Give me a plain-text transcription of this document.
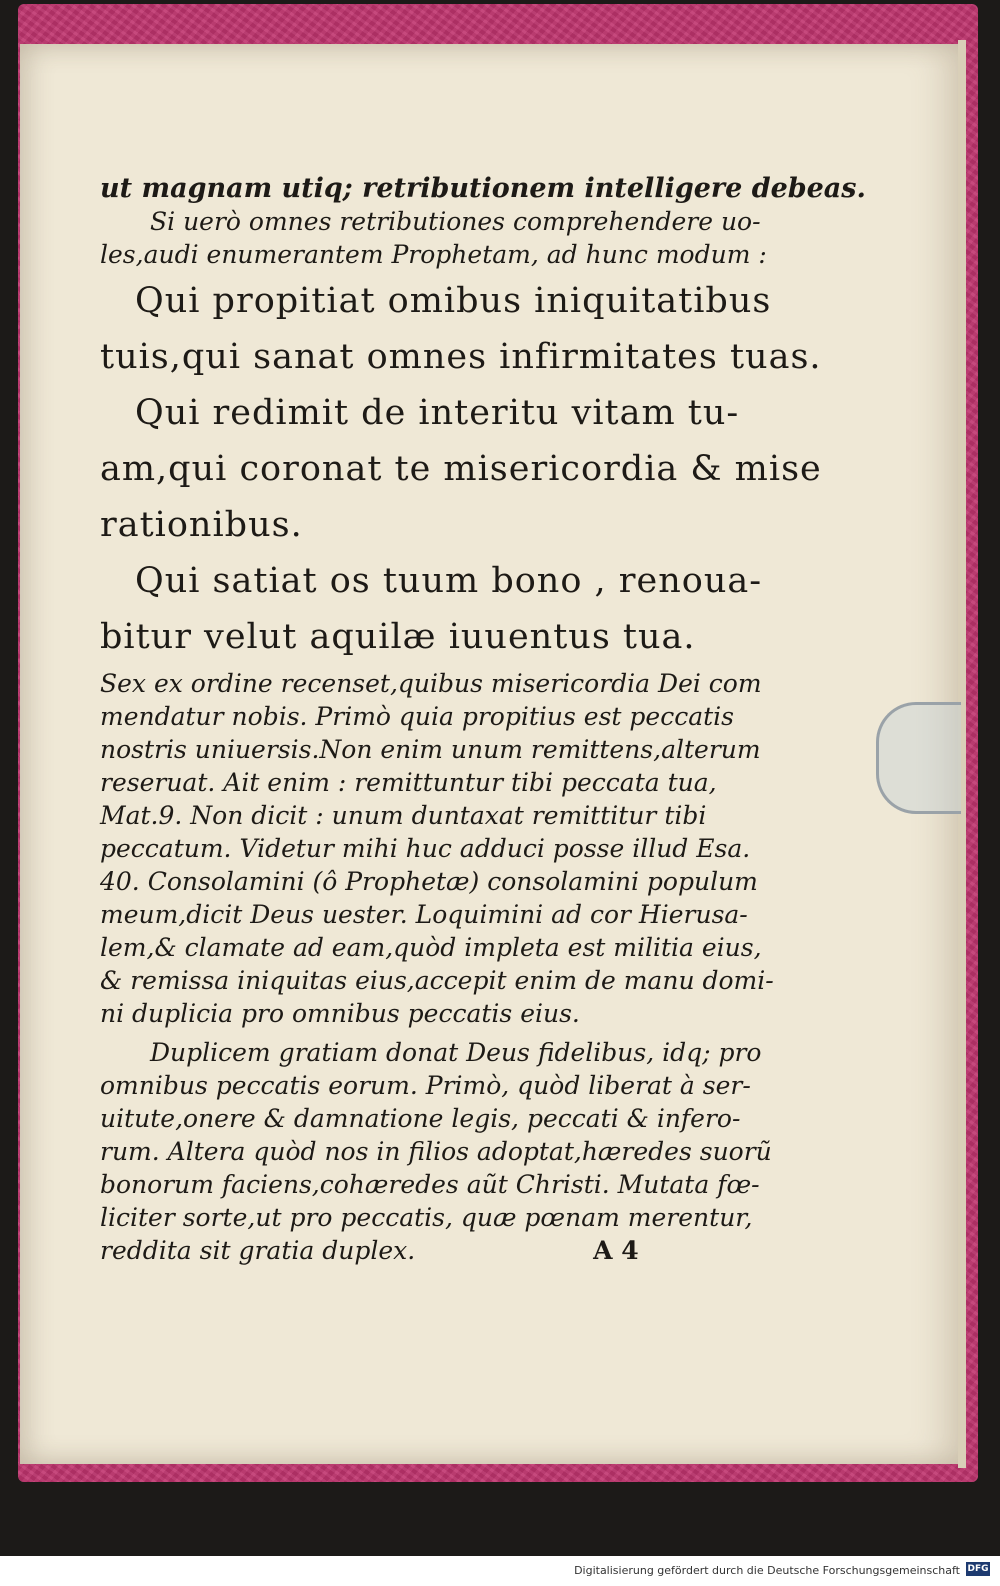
ut magnam utiq; retributionem intelligere debeas.

Si uerò omnes retributiones comprehendere uo-

les,audi enumerantem Prophetam, ad hunc modum :

Qui propitiat omibus iniquitatibus

tuis,qui sanat omnes infirmitates tuas.

Qui redimit de interitu vitam tu-

am,qui coronat te misericordia & mise

rationibus.

Qui satiat os tuum bono , renoua-

bitur velut aquilæ iuuentus tua.

Sex ex ordine recenset,quibus misericordia Dei com

mendatur nobis. Primò quia propitius est peccatis

nostris uniuersis.Non enim unum remittens,alterum

reseruat. Ait enim : remittuntur tibi peccata tua,

Mat.9. Non dicit : unum duntaxat remittitur tibi

peccatum. Videtur mihi huc adduci posse illud Esa.

40. Consolamini (ô Prophetæ) consolamini populum

meum,dicit Deus uester. Loquimini ad cor Hierusa-

lem,& clamate ad eam,quòd impleta est militia eius,

& remissa iniquitas eius,accepit enim de manu domi-

ni duplicia pro omnibus peccatis eius.

Duplicem gratiam donat Deus fidelibus, idq; pro

omnibus peccatis eorum. Primò, quòd liberat à ser-

uitute,onere & damnatione legis, peccati & infero-

rum. Altera quòd nos in filios adoptat,hæredes suorũ

bonorum faciens,cohæredes aũt Christi. Mutata fœ-

liciter sorte,ut pro peccatis, quæ pœnam merentur,

reddita sit gratia duplex.	A 4

Digitalisierung gefördert durch die Deutsche Forschungsgemeinschaft DFG
